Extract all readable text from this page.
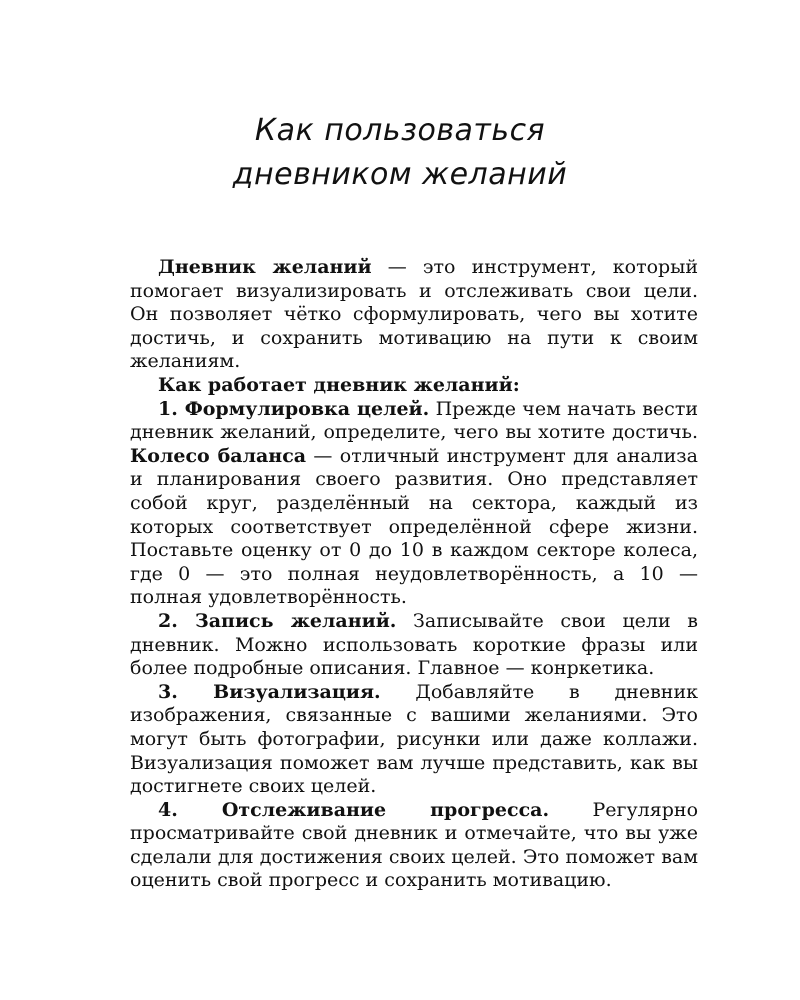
Как пользоваться
дневником желаний

Дневник желаний — это инструмент, который помогает визуализировать и отслеживать свои цели. Он позволяет чётко сформулировать, чего вы хотите достичь, и сохранить мотивацию на пути к своим желаниям.

Как работает дневник желаний:

1. Формулировка целей. Прежде чем начать вести дневник желаний, определите, чего вы хотите достичь. Колесо баланса — отличный инструмент для анализа и планирования своего развития. Оно представляет собой круг, разделённый на сектора, каждый из которых соответствует определённой сфере жизни. Поставьте оценку от 0 до 10 в каждом секторе колеса, где 0 — это полная неудовлетворённость, а 10 — полная удовлетворённость.

2. Запись желаний. Записывайте свои цели в дневник. Можно использовать короткие фразы или более подробные описания. Главное — конркетика.

3. Визуализация. Добавляйте в дневник изображения, связанные с вашими желаниями. Это могут быть фотографии, рисунки или даже коллажи. Визуализация поможет вам лучше представить, как вы достигнете своих целей.

4. Отслеживание прогресса. Регулярно просматривайте свой дневник и отмечайте, что вы уже сделали для достижения своих целей. Это поможет вам оценить свой прогресс и сохранить мотивацию.
